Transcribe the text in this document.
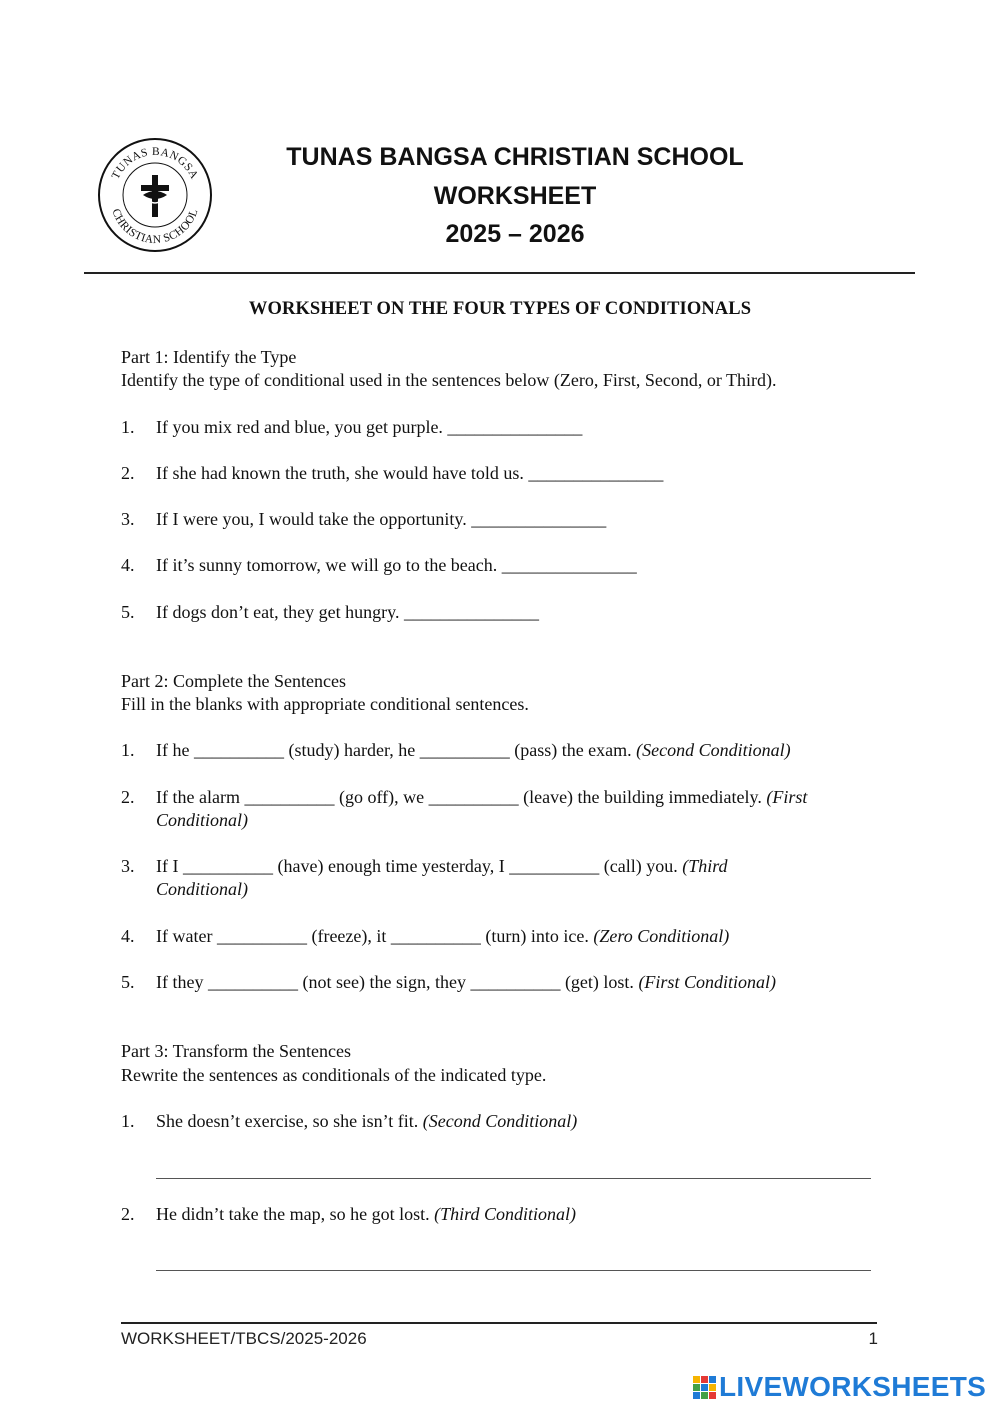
TUNAS BANGSA
CHRISTIAN SCHOOL
TUNAS BANGSA CHRISTIAN SCHOOL
WORKSHEET
2025 – 2026
WORKSHEET ON THE FOUR TYPES OF CONDITIONALS
Part 1: Identify the Type
Identify the type of conditional used in the sentences below (Zero, First, Second, or Third).
1. If you mix red and blue, you get purple. _______________
2. If she had known the truth, she would have told us. _______________
3. If I were you, I would take the opportunity. _______________
4. If it’s sunny tomorrow, we will go to the beach. _______________
5. If dogs don’t eat, they get hungry. _______________
Part 2: Complete the Sentences
Fill in the blanks with appropriate conditional sentences.
1. If he __________ (study) harder, he __________ (pass) the exam. (Second Conditional)
2. If the alarm __________ (go off), we __________ (leave) the building immediately. (First Conditional)
3. If I __________ (have) enough time yesterday, I __________ (call) you. (Third Conditional)
4. If water __________ (freeze), it __________ (turn) into ice. (Zero Conditional)
5. If they __________ (not see) the sign, they __________ (get) lost. (First Conditional)
Part 3: Transform the Sentences
Rewrite the sentences as conditionals of the indicated type.
1. She doesn’t exercise, so she isn’t fit. (Second Conditional)
2. He didn’t take the map, so he got lost. (Third Conditional)
WORKSHEET/TBCS/2025-2026	1
LIVEWORKSHEETS
